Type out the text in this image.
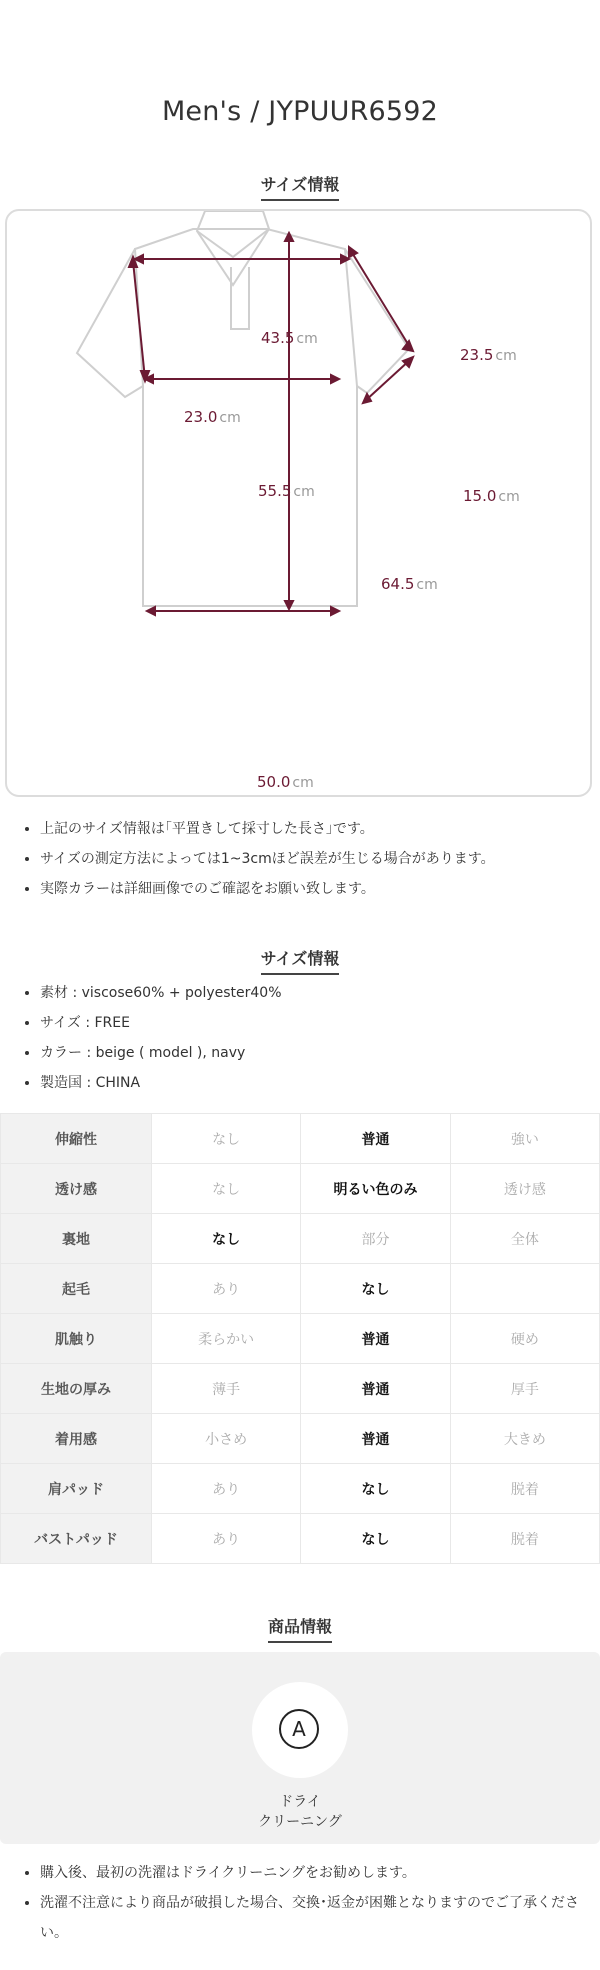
Men's / JYPUUR6592
サイズ情報
43.5 cm
23.5 cm
23.0 cm
55.5 cm	15.0 cm
64.5 cm
50.0 cm
• 上記のサイズ情報は｢平置きして採寸した長さ｣です。
• サイズの測定方法によっては1~3cmほど誤差が生じる場合があります。
• 実際カラーは詳細画像でのご確認をお願い致します。
サイズ情報
• 素材 : viscose60% + polyester40%
• サイズ : FREE
• カラー : beige ( model ), navy
• 製造国 : CHINA
伸縮性	なし	普通	強い
透け感	なし	明るい色のみ	透け感
裏地	なし	部分	全体
起毛	あり	なし	
肌触り	柔らかい	普通	硬め
生地の厚み	薄手	普通	厚手
着用感	小さめ	普通	大きめ
肩パッド	あり	なし	脱着
バストパッド	あり	なし	脱着
商品情報
A
ドライ
クリーニング
• 購入後、最初の洗濯はドライクリーニングをお勧めします。
• 洗濯不注意により商品が破損した場合、交換･返金が困難となりますのでご了承ください。
